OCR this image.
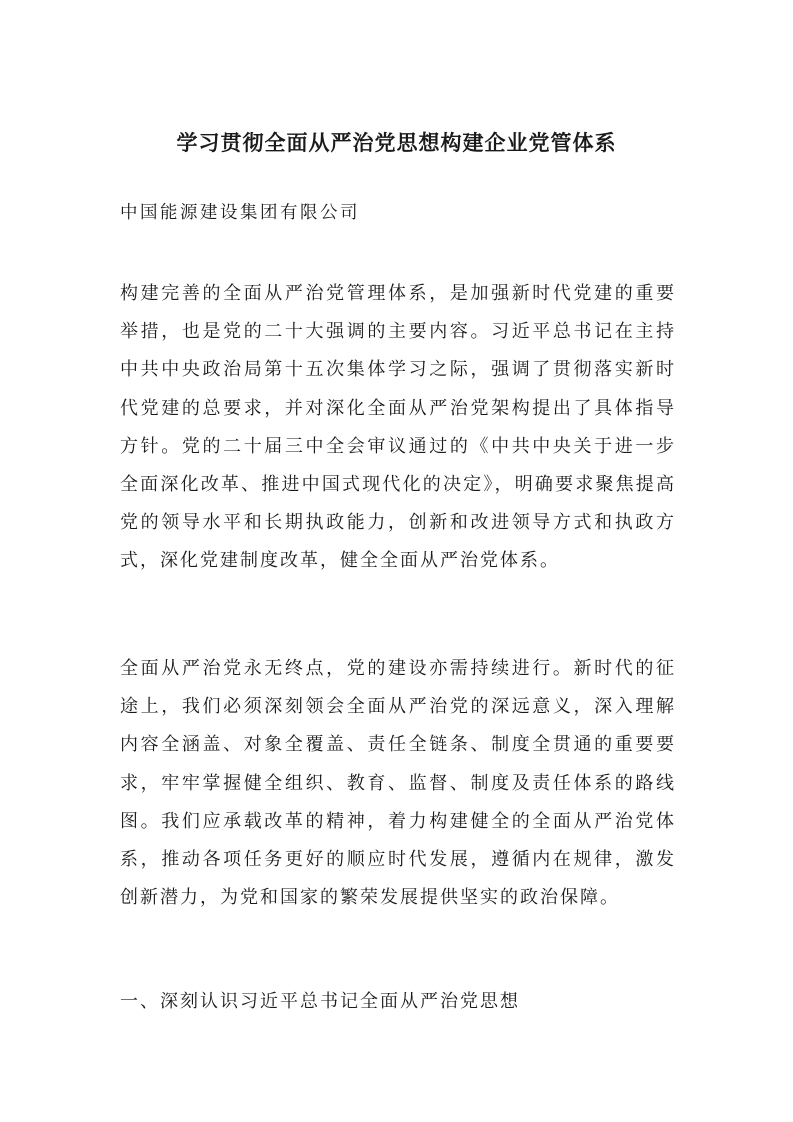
学习贯彻全面从严治党思想构建企业党管体系

中国能源建设集团有限公司

构建完善的全面从严治党管理体系，是加强新时代党建的重要举措，也是党的二十大强调的主要内容。习近平总书记在主持中共中央政治局第十五次集体学习之际，强调了贯彻落实新时代党建的总要求，并对深化全面从严治党架构提出了具体指导方针。党的二十届三中全会审议通过的《中共中央关于进一步全面深化改革、推进中国式现代化的决定》，明确要求聚焦提高党的领导水平和长期执政能力，创新和改进领导方式和执政方式，深化党建制度改革，健全全面从严治党体系。

全面从严治党永无终点，党的建设亦需持续进行。新时代的征途上，我们必须深刻领会全面从严治党的深远意义，深入理解内容全涵盖、对象全覆盖、责任全链条、制度全贯通的重要要求，牢牢掌握健全组织、教育、监督、制度及责任体系的路线图。我们应承载改革的精神，着力构建健全的全面从严治党体系，推动各项任务更好的顺应时代发展，遵循内在规律，激发创新潜力，为党和国家的繁荣发展提供坚实的政治保障。

一、深刻认识习近平总书记全面从严治党思想
